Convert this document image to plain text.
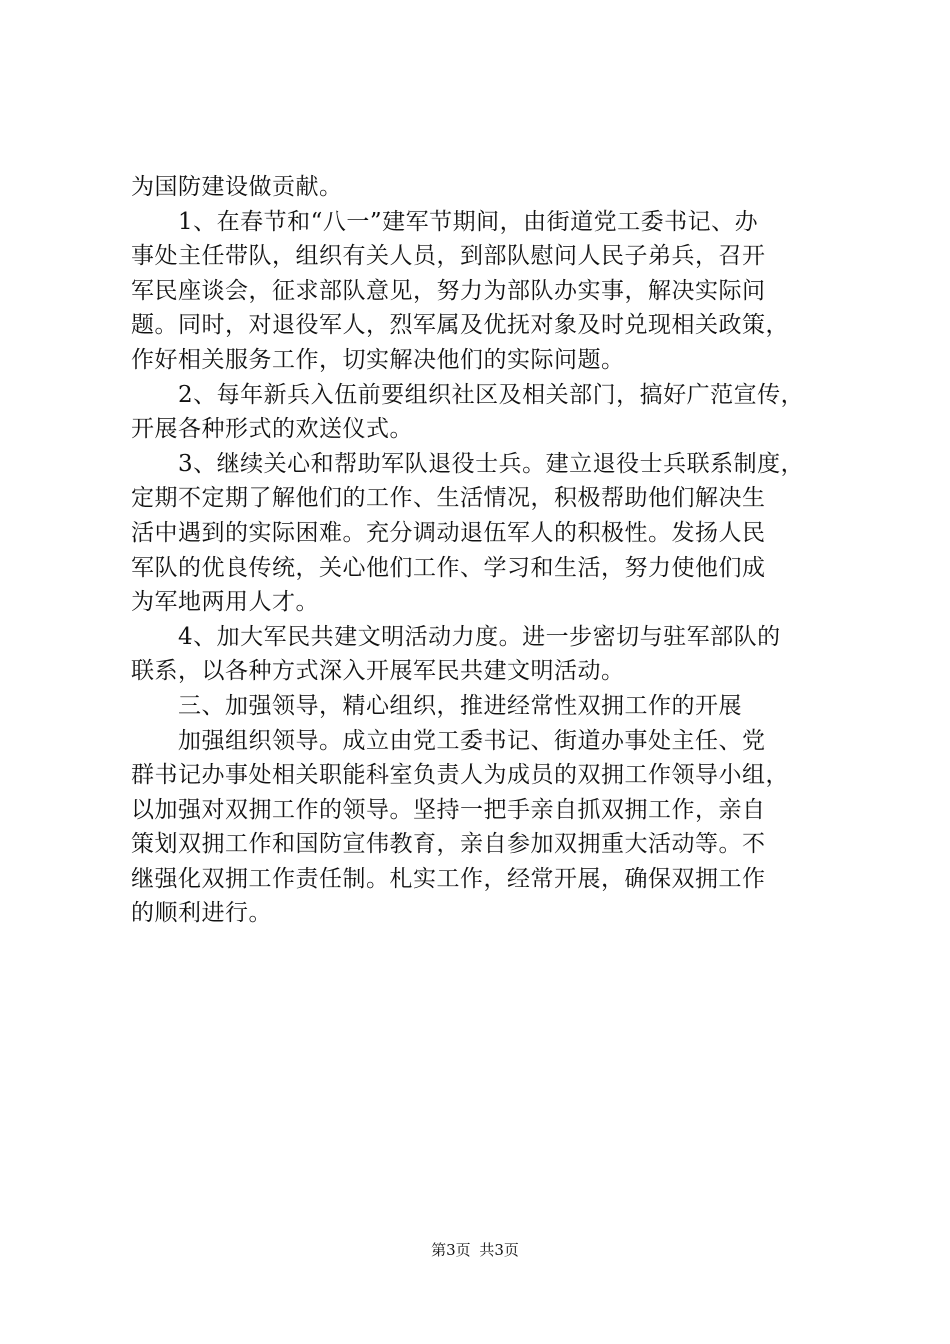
为国防建设做贡献。
　　1、在春节和“八一”建军节期间，由街道党工委书记、办
事处主任带队，组织有关人员，到部队慰问人民子弟兵，召开
军民座谈会，征求部队意见，努力为部队办实事，解决实际问
题。同时，对退役军人，烈军属及优抚对象及时兑现相关政策，
作好相关服务工作，切实解决他们的实际问题。
　　2、每年新兵入伍前要组织社区及相关部门，搞好广范宣传，
开展各种形式的欢送仪式。
　　3、继续关心和帮助军队退役士兵。建立退役士兵联系制度，
定期不定期了解他们的工作、生活情况，积极帮助他们解决生
活中遇到的实际困难。充分调动退伍军人的积极性。发扬人民
军队的优良传统，关心他们工作、学习和生活，努力使他们成
为军地两用人才。
　　4、加大军民共建文明活动力度。进一步密切与驻军部队的
联系，以各种方式深入开展军民共建文明活动。
　　三、加强领导，精心组织，推进经常性双拥工作的开展
　　加强组织领导。成立由党工委书记、街道办事处主任、党
群书记办事处相关职能科室负责人为成员的双拥工作领导小组，
以加强对双拥工作的领导。坚持一把手亲自抓双拥工作，亲自
策划双拥工作和国防宣伟教育，亲自参加双拥重大活动等。不
继强化双拥工作责任制。札实工作，经常开展，确保双拥工作
的顺利进行。
第3页 共3页
